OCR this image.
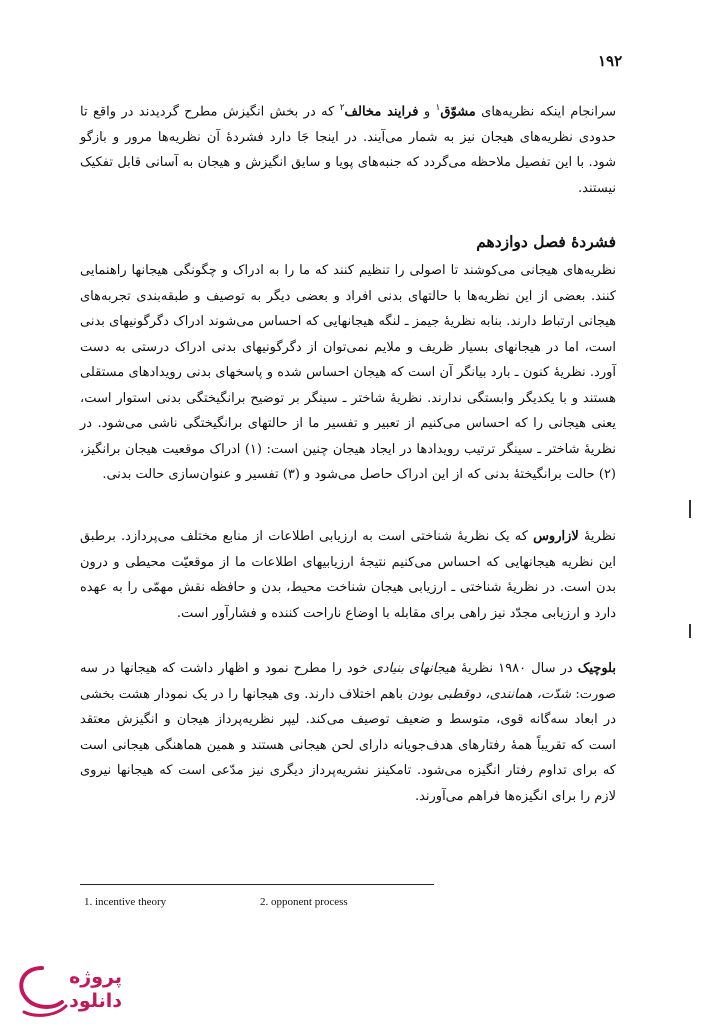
۱۹۲

سرانجام اینکه نظریه‌های مشوّق$^۱$ و فرایند مخالف$^۲$ که در بخش انگیزش مطرح گردیدند در واقع تا حدودی نظریه‌های هیجان نیز به شمار می‌آیند. در اینجا جَا دارد فشردهٔ آن نظریه‌ها مرور و بازگو شود. با این تفصیل ملاحظه می‌گردد که جنبه‌های پویا و سایق انگیزش و هیجان به آسانی قابل تفکیک نیستند.

فشردهٔ فصل دوازدهم

نظریه‌های هیجانی می‌کوشند تا اصولی را تنظیم کنند که ما را به ادراک و چگونگی هیجانها راهنمایی کنند. بعضی از این نظریه‌ها با حالتهای بدنی افراد و بعضی دیگر به توصیف و طبقه‌بندی تجربه‌های هیجانی ارتباط دارند. بنابه نظریهٔ جیمز ـ لنگه هیجانهایی که احساس می‌شوند ادراک دگرگونیهای بدنی است، اما در هیجانهای بسیار ظریف و ملایم نمی‌توان از دگرگونیهای بدنی ادراک درستی به دست آورد. نظریهٔ کنون ـ بارد بیانگر آن است که هیجان احساس شده و پاسخهای بدنی رویدادهای مستقلی هستند و با یکدیگر وابستگی ندارند. نظریهٔ شاختر ـ سینگر بر توضیح برانگیختگی بدنی استوار است، یعنی هیجانی را که احساس می‌کنیم از تعبیر و تفسیر ما از حالتهای برانگیختگی ناشی می‌شود. در نظریهٔ شاختر ـ سینگر ترتیب رویدادها در ایجاد هیجان چنین است: (۱) ادراک موقعیت هیجان برانگیز، (۲) حالت برانگیختهٔ بدنی که از این ادراک حاصل می‌شود و (۳) تفسیر و عنوان‌سازی حالت بدنی.

نظریهٔ لازاروس که یک نظریهٔ شناختی است به ارزیابی اطلاعات از منابع مختلف می‌پردازد. برطبق این نظریه هیجانهایی که احساس می‌کنیم نتیجهٔ ارزیابیهای اطلاعات ما از موقعیّت محیطی و درون بدن است. در نظریهٔ شناختی ـ ارزیابی هیجان شناخت محیط، بدن و حافظه نقش مهمّی را به عهده دارد و ارزیابی مجدّد نیز راهی برای مقابله با اوضاع ناراحت کننده و فشارآور است.

بلوچیک در سال ۱۹۸۰ نظریهٔ هیجانهای بنیادی خود را مطرح نمود و اظهار داشت که هیجانها در سه صورت: شدّت، همانندی، دوقطبی بودن باهم اختلاف دارند. وی هیجانها را در یک نمودار هشت بخشی در ابعاد سه‌گانه قوی، متوسط و ضعیف توصیف می‌کند. لیپر نظریه‌پرداز هیجان و انگیزش معتقد است که تقریباً همهٔ رفتارهای هدف‌جویانه دارای لحن هیجانی هستند و همین هماهنگی هیجانی است که برای تداوم رفتار انگیزه می‌شود. تامکینز نشریه‌پرداز دیگری نیز مدّعی است که هیجانها نیروی لازم را برای انگیزه‌ها فراهم می‌آورند.

1. incentive theory	2. opponent process
پروژه
دانلود
